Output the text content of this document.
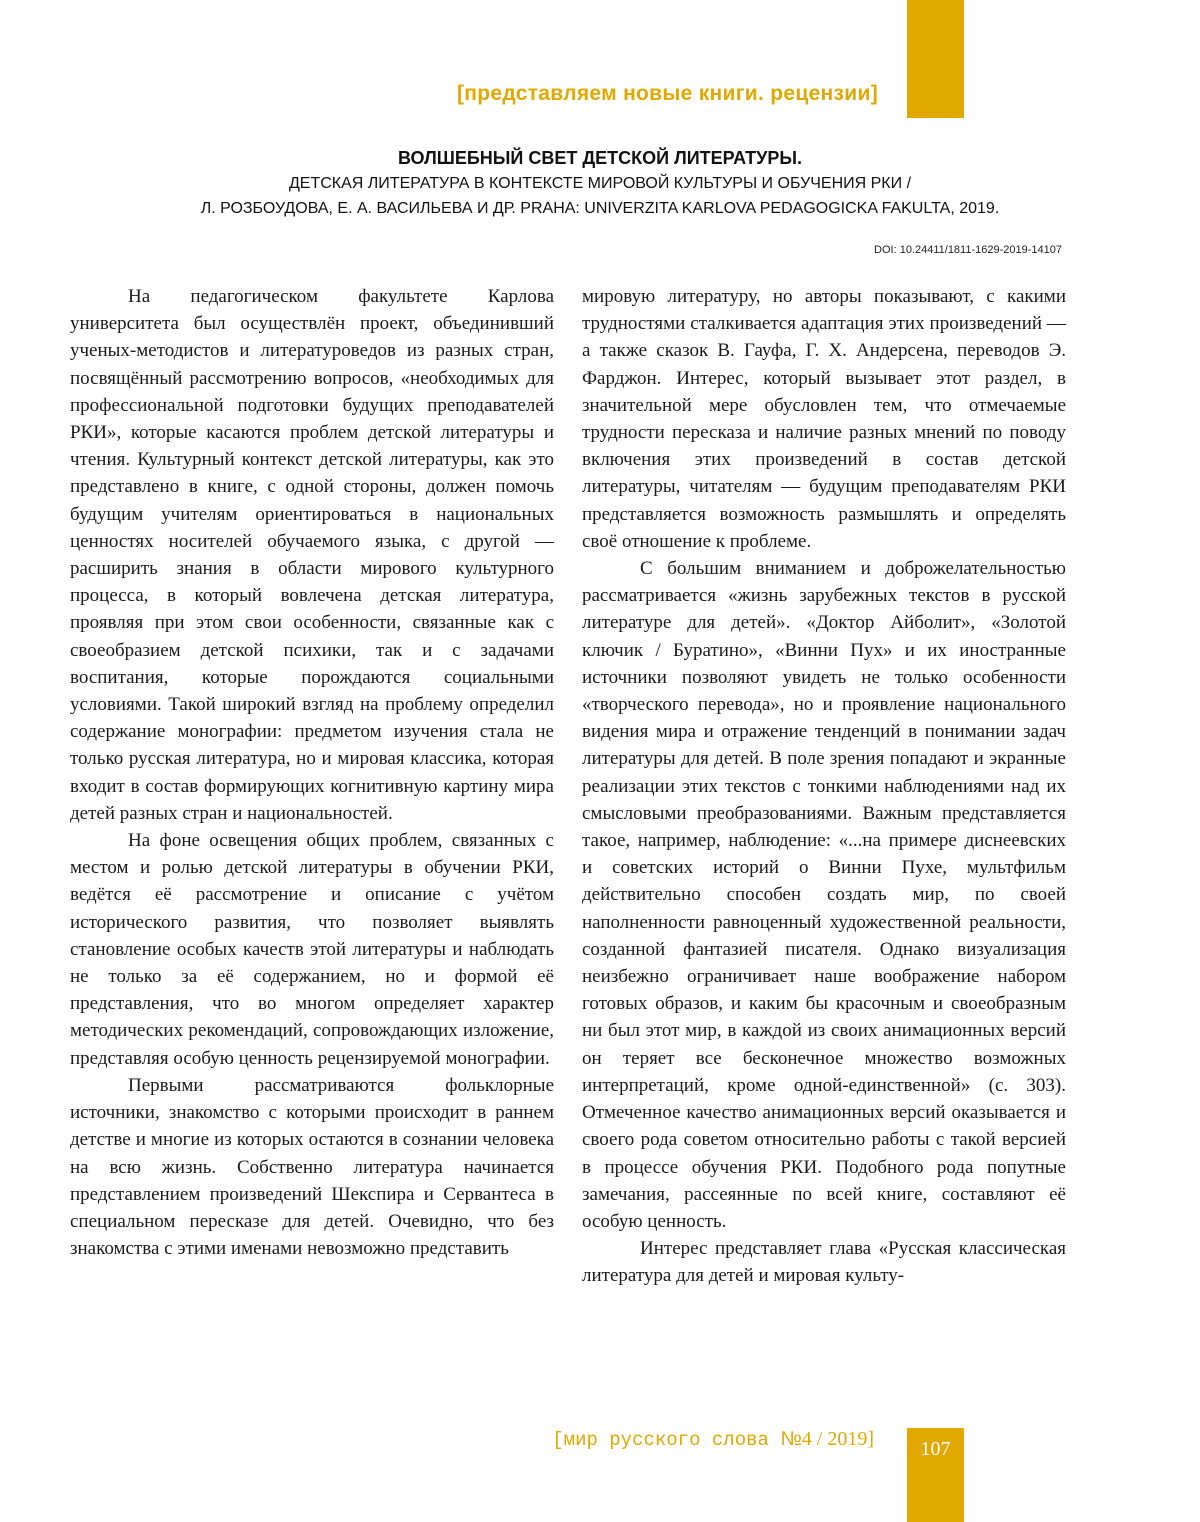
[представляем новые книги. рецензии]
ВОЛШЕБНЫЙ СВЕТ ДЕТСКОЙ ЛИТЕРАТУРЫ.
ДЕТСКАЯ ЛИТЕРАТУРА В КОНТЕКСТЕ МИРОВОЙ КУЛЬТУРЫ И ОБУЧЕНИЯ РКИ /
Л. РОЗБОУДОВА, Е. А. ВАСИЛЬЕВА И ДР. PRAHA: UNIVERZITA KARLOVA PEDAGOGICKA FAKULTA, 2019.
DOI: 10.24411/1811-1629-2019-14107

На педагогическом факультете Карлова университета был осуществлён проект, объединивший ученых-методистов и литературоведов из разных стран, посвящённый рассмотрению вопросов, «необходимых для профессиональной подготовки будущих преподавателей РКИ», которые касаются проблем детской литературы и чтения. Культурный контекст детской литературы, как это представлено в книге, с одной стороны, должен помочь будущим учителям ориентироваться в национальных ценностях носителей обучаемого языка, с другой — расширить знания в области мирового культурного процесса, в который вовлечена детская литература, проявляя при этом свои особенности, связанные как с своеобразием детской психики, так и с задачами воспитания, которые порождаются социальными условиями. Такой широкий взгляд на проблему определил содержание монографии: предметом изучения стала не только русская литература, но и мировая классика, которая входит в состав формирующих когнитивную картину мира детей разных стран и национальностей.

На фоне освещения общих проблем, связанных с местом и ролью детской литературы в обучении РКИ, ведётся её рассмотрение и описание с учётом исторического развития, что позволяет выявлять становление особых качеств этой литературы и наблюдать не только за её содержанием, но и формой её представления, что во многом определяет характер методических рекомендаций, сопровождающих изложение, представляя особую ценность рецензируемой монографии.

Первыми рассматриваются фольклорные источники, знакомство с которыми происходит в раннем детстве и многие из которых остаются в сознании человека на всю жизнь. Собственно литература начинается представлением произведений Шекспира и Сервантеса в специальном пересказе для детей. Очевидно, что без знакомства с этими именами невозможно представить

мировую литературу, но авторы показывают, с какими трудностями сталкивается адаптация этих произведений — а также сказок В. Гауфа, Г. Х. Андерсена, переводов Э. Фарджон. Интерес, который вызывает этот раздел, в значительной мере обусловлен тем, что отмечаемые трудности пересказа и наличие разных мнений по поводу включения этих произведений в состав детской литературы, читателям — будущим преподавателям РКИ представляется возможность размышлять и определять своё отношение к проблеме.

С большим вниманием и доброжелательностью рассматривается «жизнь зарубежных текстов в русской литературе для детей». «Доктор Айболит», «Золотой ключик / Буратино», «Винни Пух» и их иностранные источники позволяют увидеть не только особенности «творческого перевода», но и проявление национального видения мира и отражение тенденций в понимании задач литературы для детей. В поле зрения попадают и экранные реализации этих текстов с тонкими наблюдениями над их смысловыми преобразованиями. Важным представляется такое, например, наблюдение: «...на примере диснеевских и советских историй о Винни Пухе, мультфильм действительно способен создать мир, по своей наполненности равноценный художественной реальности, созданной фантазией писателя. Однако визуализация неизбежно ограничивает наше воображение набором готовых образов, и каким бы красочным и своеобразным ни был этот мир, в каждой из своих анимационных версий он теряет все бесконечное множество возможных интерпретаций, кроме одной-единственной» (с. 303). Отмеченное качество анимационных версий оказывается и своего рода советом относительно работы с такой версией в процессе обучения РКИ. Подобного рода попутные замечания, рассеянные по всей книге, составляют её особую ценность.

Интерес представляет глава «Русская классическая литература для детей и мировая культу-

[мир русского слова №4 / 2019]	107
